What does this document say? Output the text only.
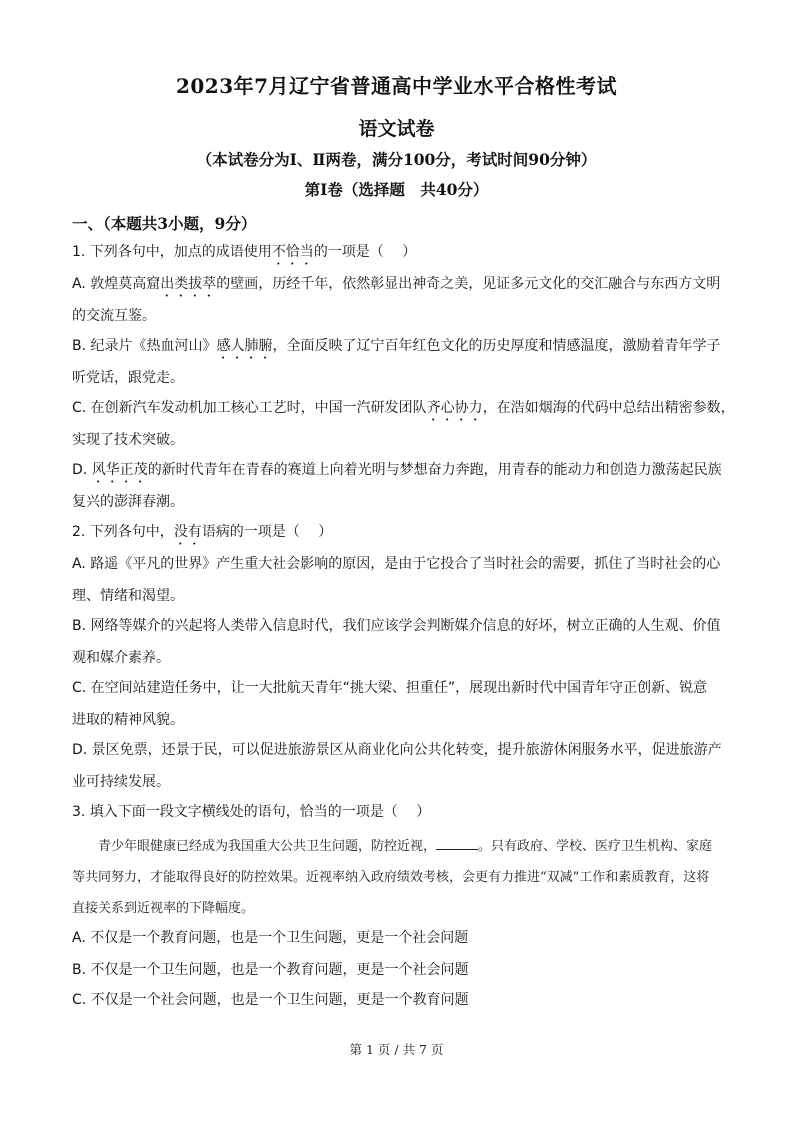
2023年7月辽宁省普通高中学业水平合格性考试
语文试卷
（本试卷分为Ⅰ、Ⅱ两卷，满分100分，考试时间90分钟）
第Ⅰ卷（选择题　共40分）
一、（本题共3小题，9分）
1. 下列各句中，加点的成语使用不恰当的一项是（　 ）
A. 敦煌莫高窟出类拔萃的壁画，历经千年，依然彰显出神奇之美，见证多元文化的交汇融合与东西方文明
的交流互鉴。
B. 纪录片《热血河山》感人肺腑，全面反映了辽宁百年红色文化的历史厚度和情感温度，激励着青年学子
听党话，跟党走。
C. 在创新汽车发动机加工核心工艺时，中国一汽研发团队齐心协力，在浩如烟海的代码中总结出精密参数，
实现了技术突破。
D. 风华正茂的新时代青年在青春的赛道上向着光明与梦想奋力奔跑，用青春的能动力和创造力激荡起民族
复兴的澎湃春潮。
2. 下列各句中，没有语病的一项是（　 ）
A. 路遥《平凡的世界》产生重大社会影响的原因，是由于它投合了当时社会的需要，抓住了当时社会的心
理、情绪和渴望。
B. 网络等媒介的兴起将人类带入信息时代，我们应该学会判断媒介信息的好坏，树立正确的人生观、价值
观和媒介素养。
C. 在空间站建造任务中，让一大批航天青年“挑大梁、担重任”，展现出新时代中国青年守正创新、锐意
进取的精神风貌。
D. 景区免票，还景于民，可以促进旅游景区从商业化向公共化转变，提升旅游休闲服务水平，促进旅游产
业可持续发展。
3. 填入下面一段文字横线处的语句，恰当的一项是（　 ）
青少年眼健康已经成为我国重大公共卫生问题，防控近视，	。只有政府、学校、医疗卫生机构、家庭等共同努力，才能取得良好的防控效果。近视率纳入政府绩效考核，会更有力推进“双减”工作和素质教育，这将直接关系到近视率的下降幅度。
A. 不仅是一个教育问题，也是一个卫生问题，更是一个社会问题
B. 不仅是一个卫生问题，也是一个教育问题，更是一个社会问题
C. 不仅是一个社会问题，也是一个卫生问题，更是一个教育问题
第 1 页 / 共 7 页
